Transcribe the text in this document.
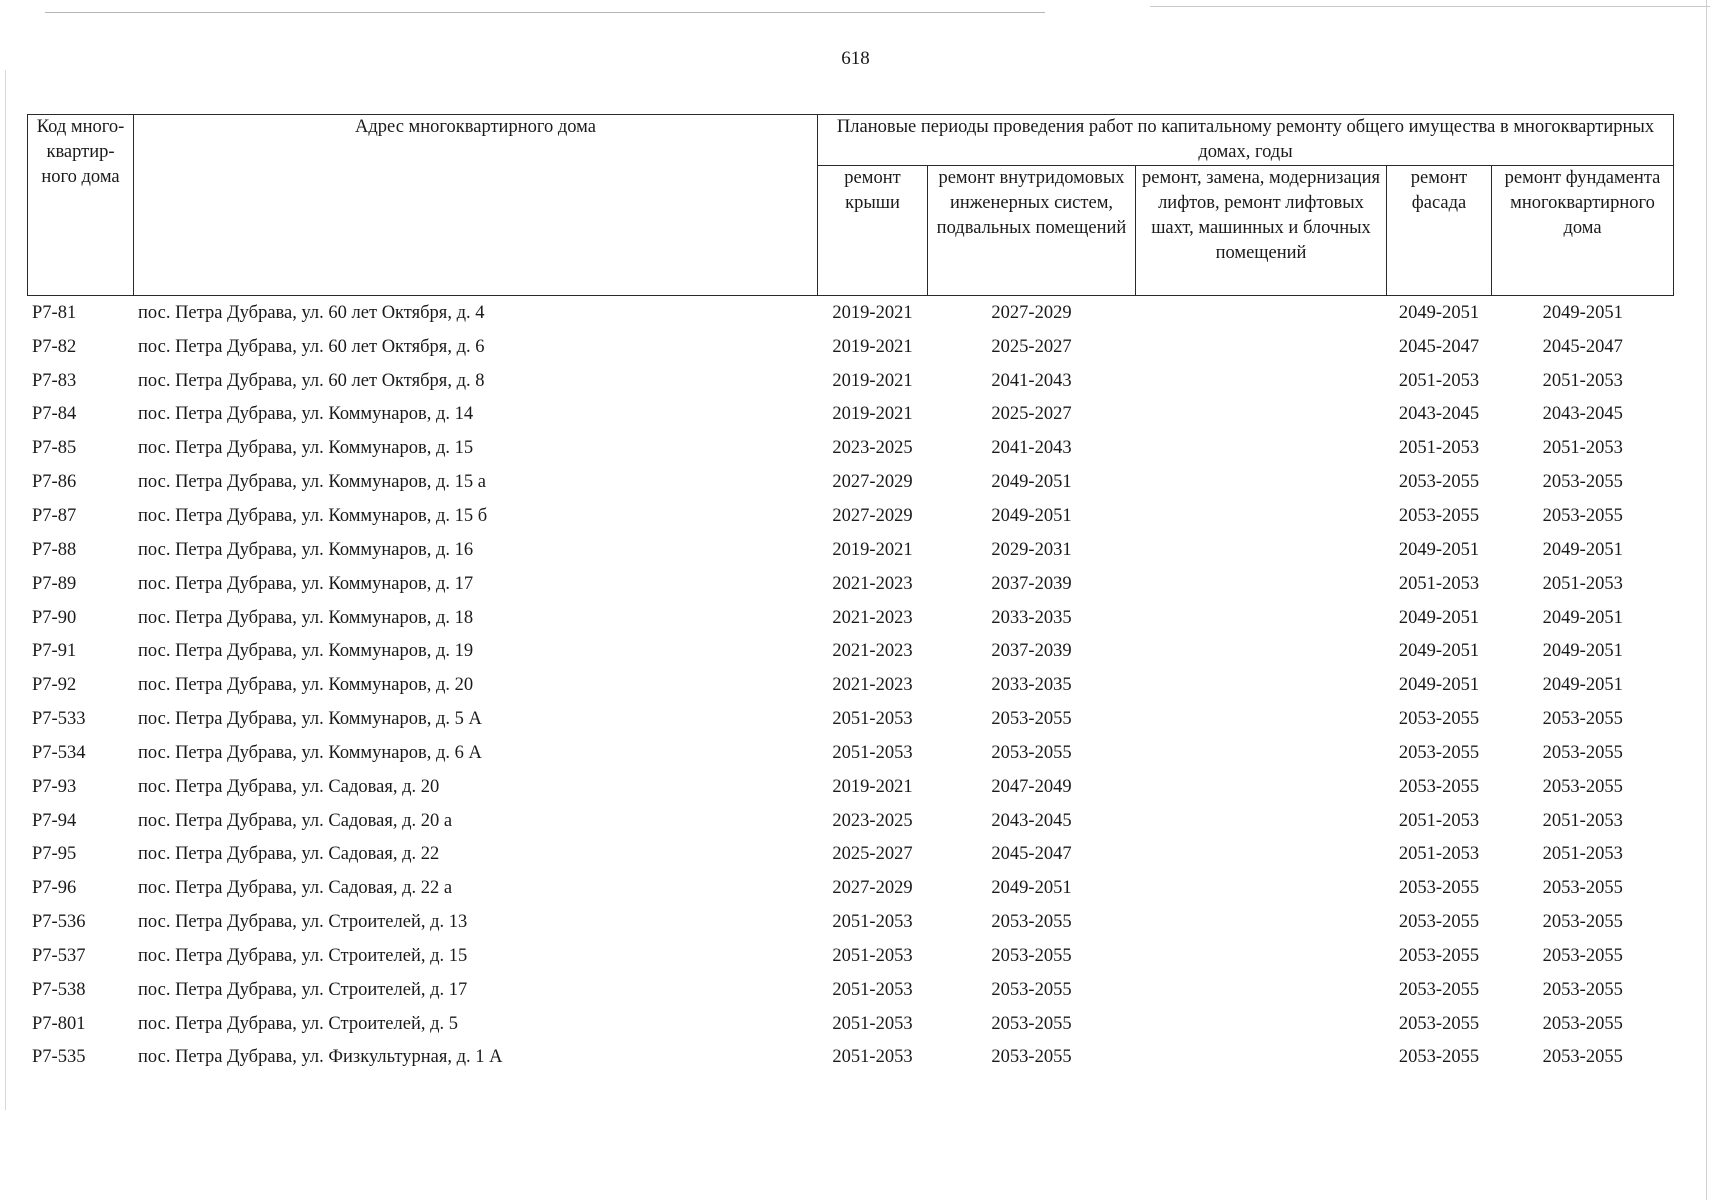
618
Код много-квартир-ного дома	Адрес многоквартирного дома	Плановые периоды проведения работ по капитальному ремонту общего имущества в многоквартирных домах, годы				
		ремонт крыши	ремонт внутридомовых инженерных систем, подвальных помещений	ремонт, замена, модернизация лифтов, ремонт лифтовых шахт, машинных и блочных помещений	ремонт фасада	ремонт фундамента многоквартирного дома
Р7-81	пос. Петра Дубрава, ул. 60 лет Октября, д. 4	2019-2021	2027-2029		2049-2051	2049-2051
Р7-82	пос. Петра Дубрава, ул. 60 лет Октября, д. 6	2019-2021	2025-2027		2045-2047	2045-2047
Р7-83	пос. Петра Дубрава, ул. 60 лет Октября, д. 8	2019-2021	2041-2043		2051-2053	2051-2053
Р7-84	пос. Петра Дубрава, ул. Коммунаров, д. 14	2019-2021	2025-2027		2043-2045	2043-2045
Р7-85	пос. Петра Дубрава, ул. Коммунаров, д. 15	2023-2025	2041-2043		2051-2053	2051-2053
Р7-86	пос. Петра Дубрава, ул. Коммунаров, д. 15 а	2027-2029	2049-2051		2053-2055	2053-2055
Р7-87	пос. Петра Дубрава, ул. Коммунаров, д. 15 б	2027-2029	2049-2051		2053-2055	2053-2055
Р7-88	пос. Петра Дубрава, ул. Коммунаров, д. 16	2019-2021	2029-2031		2049-2051	2049-2051
Р7-89	пос. Петра Дубрава, ул. Коммунаров, д. 17	2021-2023	2037-2039		2051-2053	2051-2053
Р7-90	пос. Петра Дубрава, ул. Коммунаров, д. 18	2021-2023	2033-2035		2049-2051	2049-2051
Р7-91	пос. Петра Дубрава, ул. Коммунаров, д. 19	2021-2023	2037-2039		2049-2051	2049-2051
Р7-92	пос. Петра Дубрава, ул. Коммунаров, д. 20	2021-2023	2033-2035		2049-2051	2049-2051
Р7-533	пос. Петра Дубрава, ул. Коммунаров, д. 5 А	2051-2053	2053-2055		2053-2055	2053-2055
Р7-534	пос. Петра Дубрава, ул. Коммунаров, д. 6 А	2051-2053	2053-2055		2053-2055	2053-2055
Р7-93	пос. Петра Дубрава, ул. Садовая, д. 20	2019-2021	2047-2049		2053-2055	2053-2055
Р7-94	пос. Петра Дубрава, ул. Садовая, д. 20 а	2023-2025	2043-2045		2051-2053	2051-2053
Р7-95	пос. Петра Дубрава, ул. Садовая, д. 22	2025-2027	2045-2047		2051-2053	2051-2053
Р7-96	пос. Петра Дубрава, ул. Садовая, д. 22 а	2027-2029	2049-2051		2053-2055	2053-2055
Р7-536	пос. Петра Дубрава, ул. Строителей, д. 13	2051-2053	2053-2055		2053-2055	2053-2055
Р7-537	пос. Петра Дубрава, ул. Строителей, д. 15	2051-2053	2053-2055		2053-2055	2053-2055
Р7-538	пос. Петра Дубрава, ул. Строителей, д. 17	2051-2053	2053-2055		2053-2055	2053-2055
Р7-801	пос. Петра Дубрава, ул. Строителей, д. 5	2051-2053	2053-2055		2053-2055	2053-2055
Р7-535	пос. Петра Дубрава, ул. Физкультурная, д. 1 А	2051-2053	2053-2055		2053-2055	2053-2055
